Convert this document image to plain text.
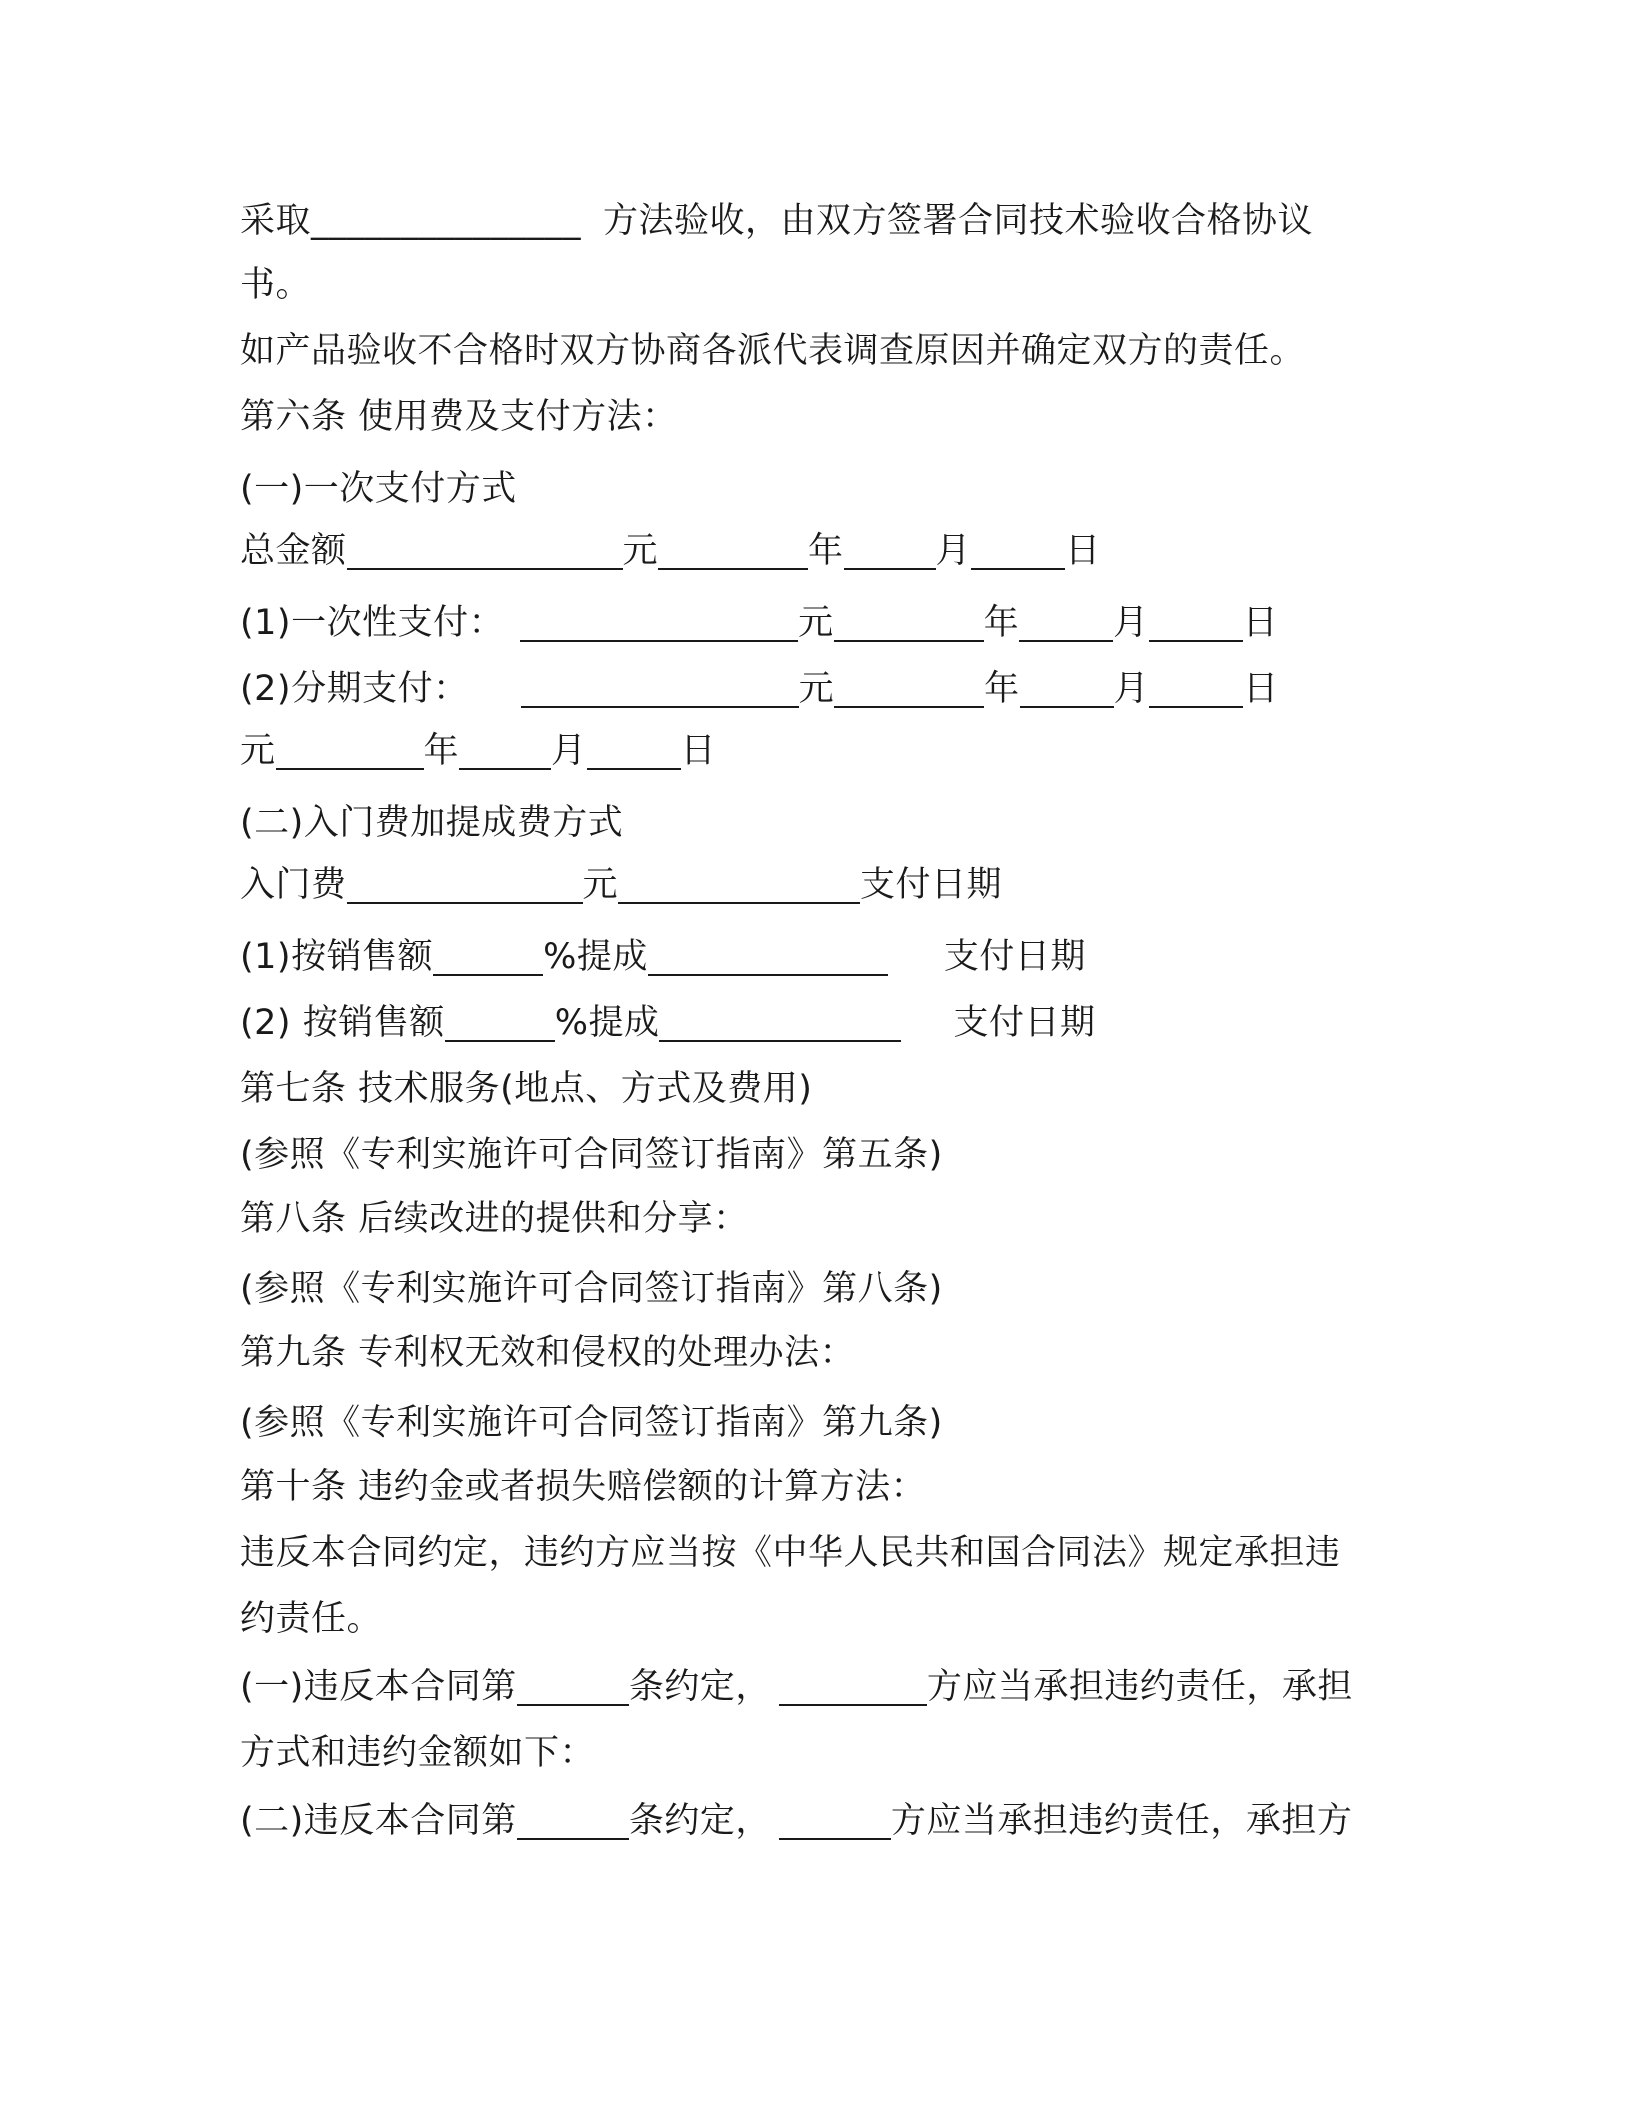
采取_______________ 方法验收，由双方签署合同技术验收合格协议
书。
如产品验收不合格时双方协商各派代表调查原因并确定双方的责任。
第六条 使用费及支付方法：
(一)一次支付方式
总金额	元	年	月	日
(1)一次性支付：	元	年	月	日
(2)分期支付：	元	年	月	日
元	年	月	日
(二)入门费加提成费方式
入门费	元	支付日期
(1)按销售额	%提成	支付日期
(2) 按销售额	%提成	支付日期
第七条 技术服务(地点、方式及费用)
(参照《专利实施许可合同签订指南》第五条)
第八条 后续改进的提供和分享：
(参照《专利实施许可合同签订指南》第八条)
第九条 专利权无效和侵权的处理办法：
(参照《专利实施许可合同签订指南》第九条)
第十条 违约金或者损失赔偿额的计算方法：
违反本合同约定，违约方应当按《中华人民共和国合同法》规定承担违
约责任。
(一)违反本合同第	条约定，	方应当承担违约责任，承担
方式和违约金额如下：
(二)违反本合同第	条约定，	方应当承担违约责任，承担方
